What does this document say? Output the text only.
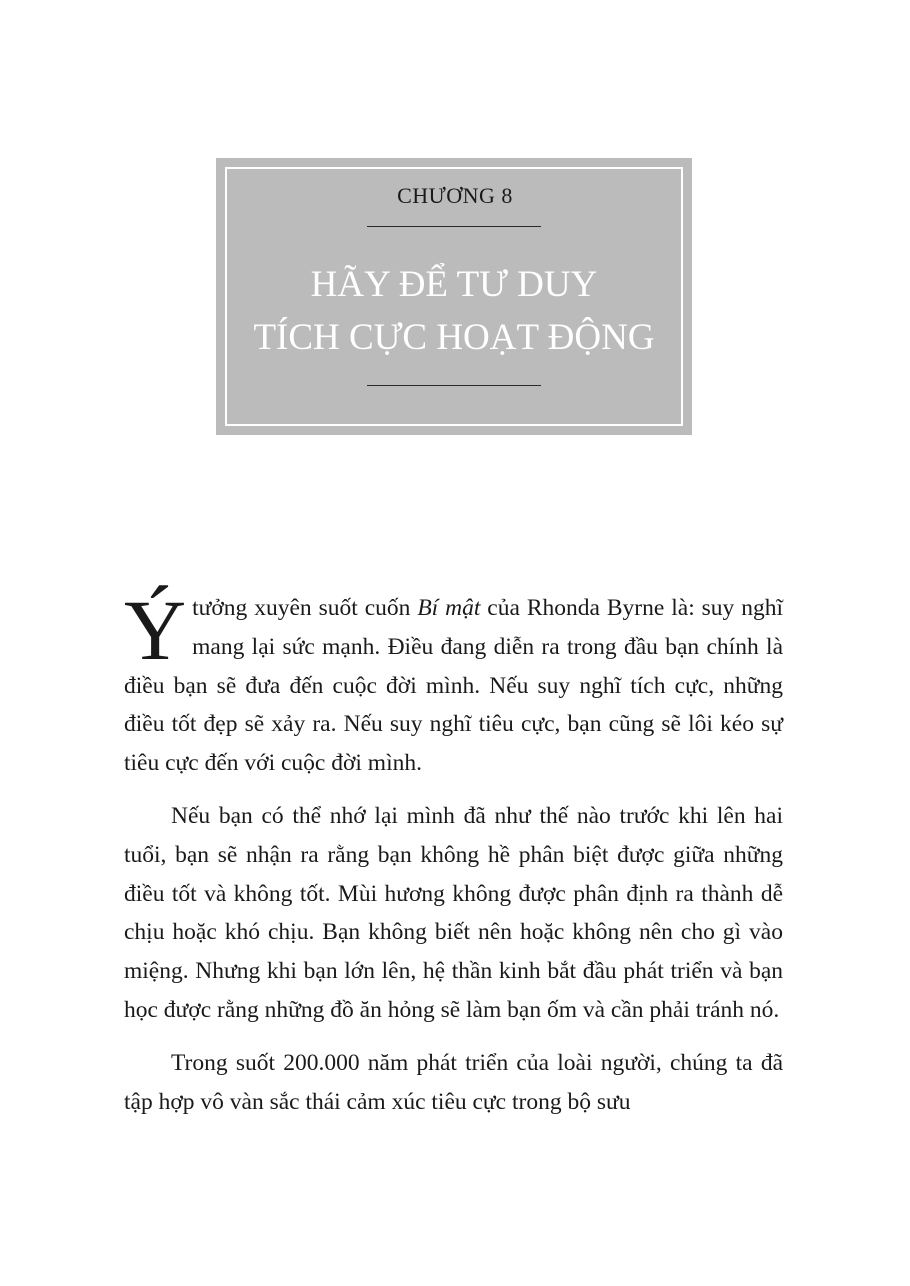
CHƯƠNG 8

HÃY ĐỂ TƯ DUY
TÍCH CỰC HOẠT ĐỘNG

Ýtưởng xuyên suốt cuốn Bí mật của Rhonda Byrne là: suy nghĩ mang lại sức mạnh. Điều đang diễn ra trong đầu bạn chính là điều bạn sẽ đưa đến cuộc đời mình. Nếu suy nghĩ tích cực, những điều tốt đẹp sẽ xảy ra. Nếu suy nghĩ tiêu cực, bạn cũng sẽ lôi kéo sự tiêu cực đến với cuộc đời mình.

Nếu bạn có thể nhớ lại mình đã như thế nào trước khi lên hai tuổi, bạn sẽ nhận ra rằng bạn không hề phân biệt được giữa những điều tốt và không tốt. Mùi hương không được phân định ra thành dễ chịu hoặc khó chịu. Bạn không biết nên hoặc không nên cho gì vào miệng. Nhưng khi bạn lớn lên, hệ thần kinh bắt đầu phát triển và bạn học được rằng những đồ ăn hỏng sẽ làm bạn ốm và cần phải tránh nó.

Trong suốt 200.000 năm phát triển của loài người, chúng ta đã tập hợp vô vàn sắc thái cảm xúc tiêu cực trong bộ sưu
